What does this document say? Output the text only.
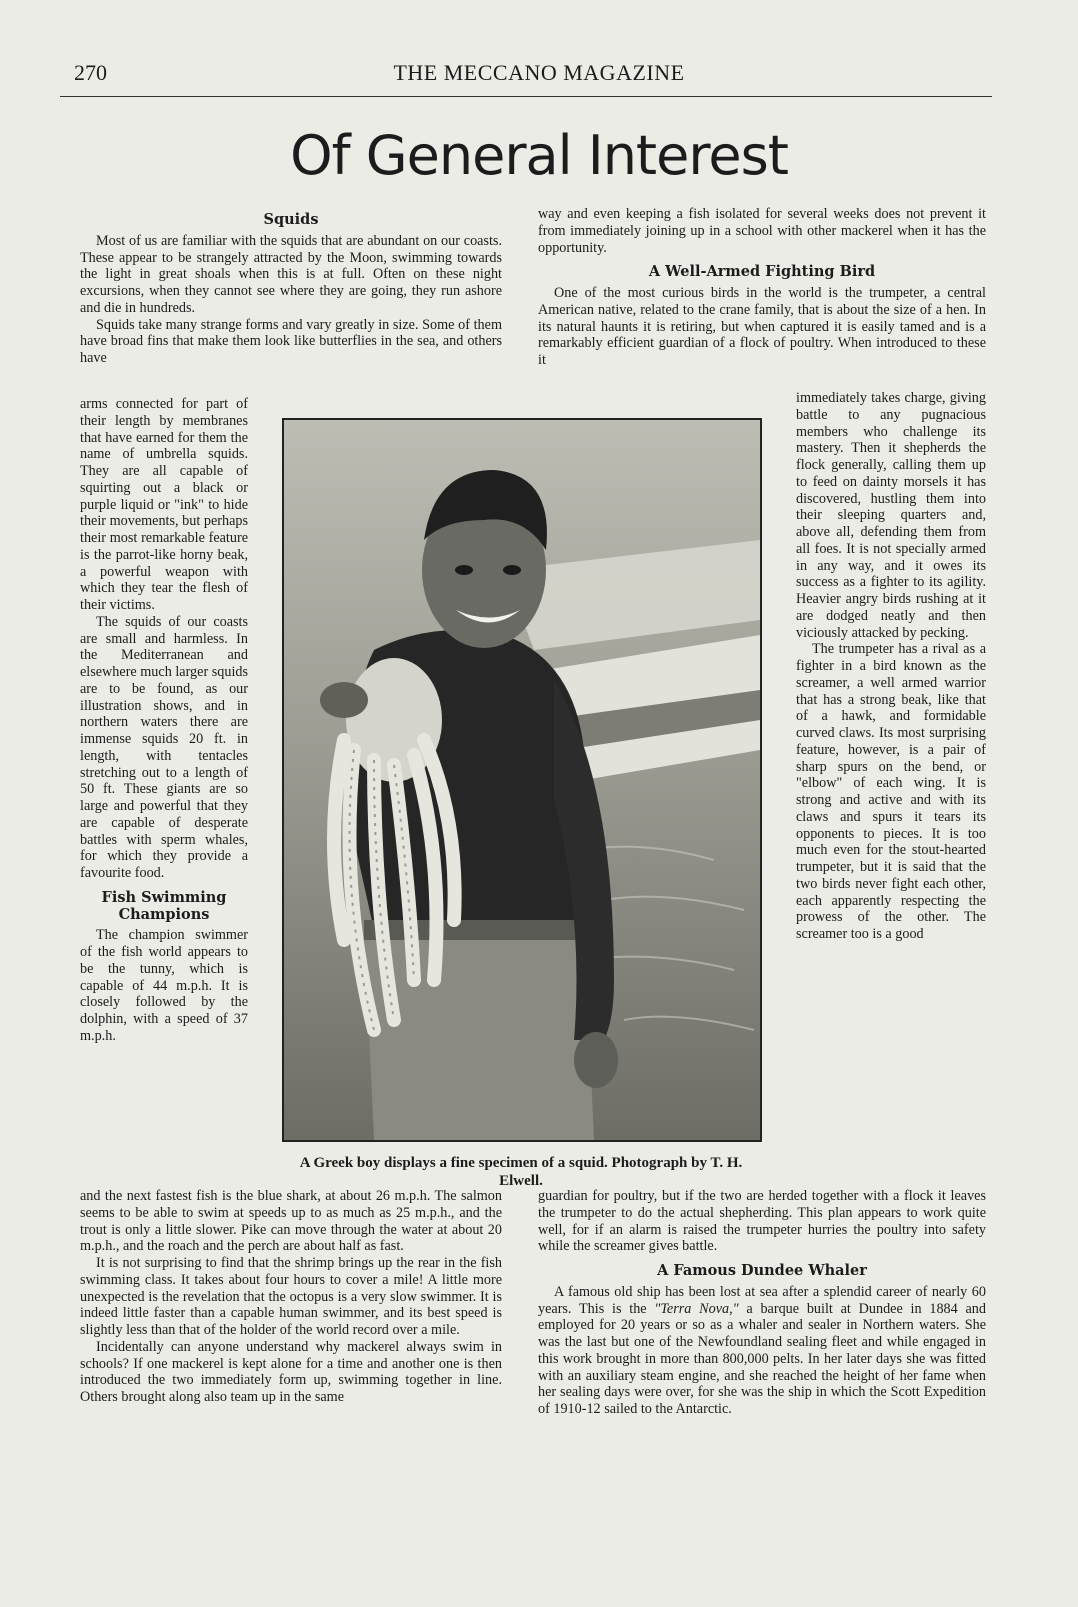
270	THE MECCANO MAGAZINE
Of General Interest
Squids

Most of us are familiar with the squids that are abundant on our coasts. These appear to be strangely attracted by the Moon, swimming towards the light in great shoals when this is at full. Often on these night excursions, when they cannot see where they are going, they run ashore and die in hundreds.

Squids take many strange forms and vary greatly in size. Some of them have broad fins that make them look like butterflies in the sea, and others have

arms connected for part of their length by membranes that have earned for them the name of umbrella squids. They are all capable of squirting out a black or purple liquid or "ink" to hide their movements, but perhaps their most remarkable feature is the parrot-like horny beak, a powerful weapon with which they tear the flesh of their victims.

The squids of our coasts are small and harmless. In the Mediterranean and elsewhere much larger squids are to be found, as our illustration shows, and in northern waters there are immense squids 20 ft. in length, with tentacles stretching out to a length of 50 ft. These giants are so large and powerful that they are capable of desperate battles with sperm whales, for which they provide a favourite food.

Fish Swimming Champions

The champion swimmer of the fish world appears to be the tunny, which is capable of 44 m.p.h. It is closely followed by the dolphin, with a speed of 37 m.p.h.

and the next fastest fish is the blue shark, at about 26 m.p.h. The salmon seems to be able to swim at speeds up to as much as 25 m.p.h., and the trout is only a little slower. Pike can move through the water at about 20 m.p.h., and the roach and the perch are about half as fast.

It is not surprising to find that the shrimp brings up the rear in the fish swimming class. It takes about four hours to cover a mile! A little more unexpected is the revelation that the octopus is a very slow swimmer. It is indeed little faster than a capable human swimmer, and its best speed is slightly less than that of the holder of the world record over a mile.

Incidentally can anyone understand why mackerel always swim in schools? If one mackerel is kept alone for a time and another one is then introduced the two immediately form up, swimming together in line. Others brought along also team up in the same

way and even keeping a fish isolated for several weeks does not prevent it from immediately joining up in a school with other mackerel when it has the opportunity.

A Well-Armed Fighting Bird

One of the most curious birds in the world is the trumpeter, a central American native, related to the crane family, that is about the size of a hen. In its natural haunts it is retiring, but when captured it is easily tamed and is a remarkably efficient guardian of a flock of poultry. When introduced to these it

immediately takes charge, giving battle to any pugnacious members who challenge its mastery. Then it shepherds the flock generally, calling them up to feed on dainty morsels it has discovered, hustling them into their sleeping quarters and, above all, defending them from all foes. It is not specially armed in any way, and it owes its success as a fighter to its agility. Heavier angry birds rushing at it are dodged neatly and then viciously attacked by pecking.

The trumpeter has a rival as a fighter in a bird known as the screamer, a well armed warrior that has a strong beak, like that of a hawk, and formidable curved claws. Its most surprising feature, however, is a pair of sharp spurs on the bend, or "elbow" of each wing. It is strong and active and with its claws and spurs it tears its opponents to pieces. It is too much even for the stout-hearted trumpeter, but it is said that the two birds never fight each other, each apparently respecting the prowess of the other. The screamer too is a good

guardian for poultry, but if the two are herded together with a flock it leaves the trumpeter to do the actual shepherding. This plan appears to work quite well, for if an alarm is raised the trumpeter hurries the poultry into safety while the screamer gives battle.

A Famous Dundee Whaler

A famous old ship has been lost at sea after a splendid career of nearly 60 years. This is the "Terra Nova," a barque built at Dundee in 1884 and employed for 20 years or so as a whaler and sealer in Northern waters. She was the last but one of the Newfoundland sealing fleet and while engaged in this work brought in more than 800,000 pelts. In her later days she was fitted with an auxiliary steam engine, and she reached the height of her fame when her sealing days were over, for she was the ship in which the Scott Expedition of 1910-12 sailed to the Antarctic.

A Greek boy displays a fine specimen of a squid. Photograph by T. H. Elwell.
